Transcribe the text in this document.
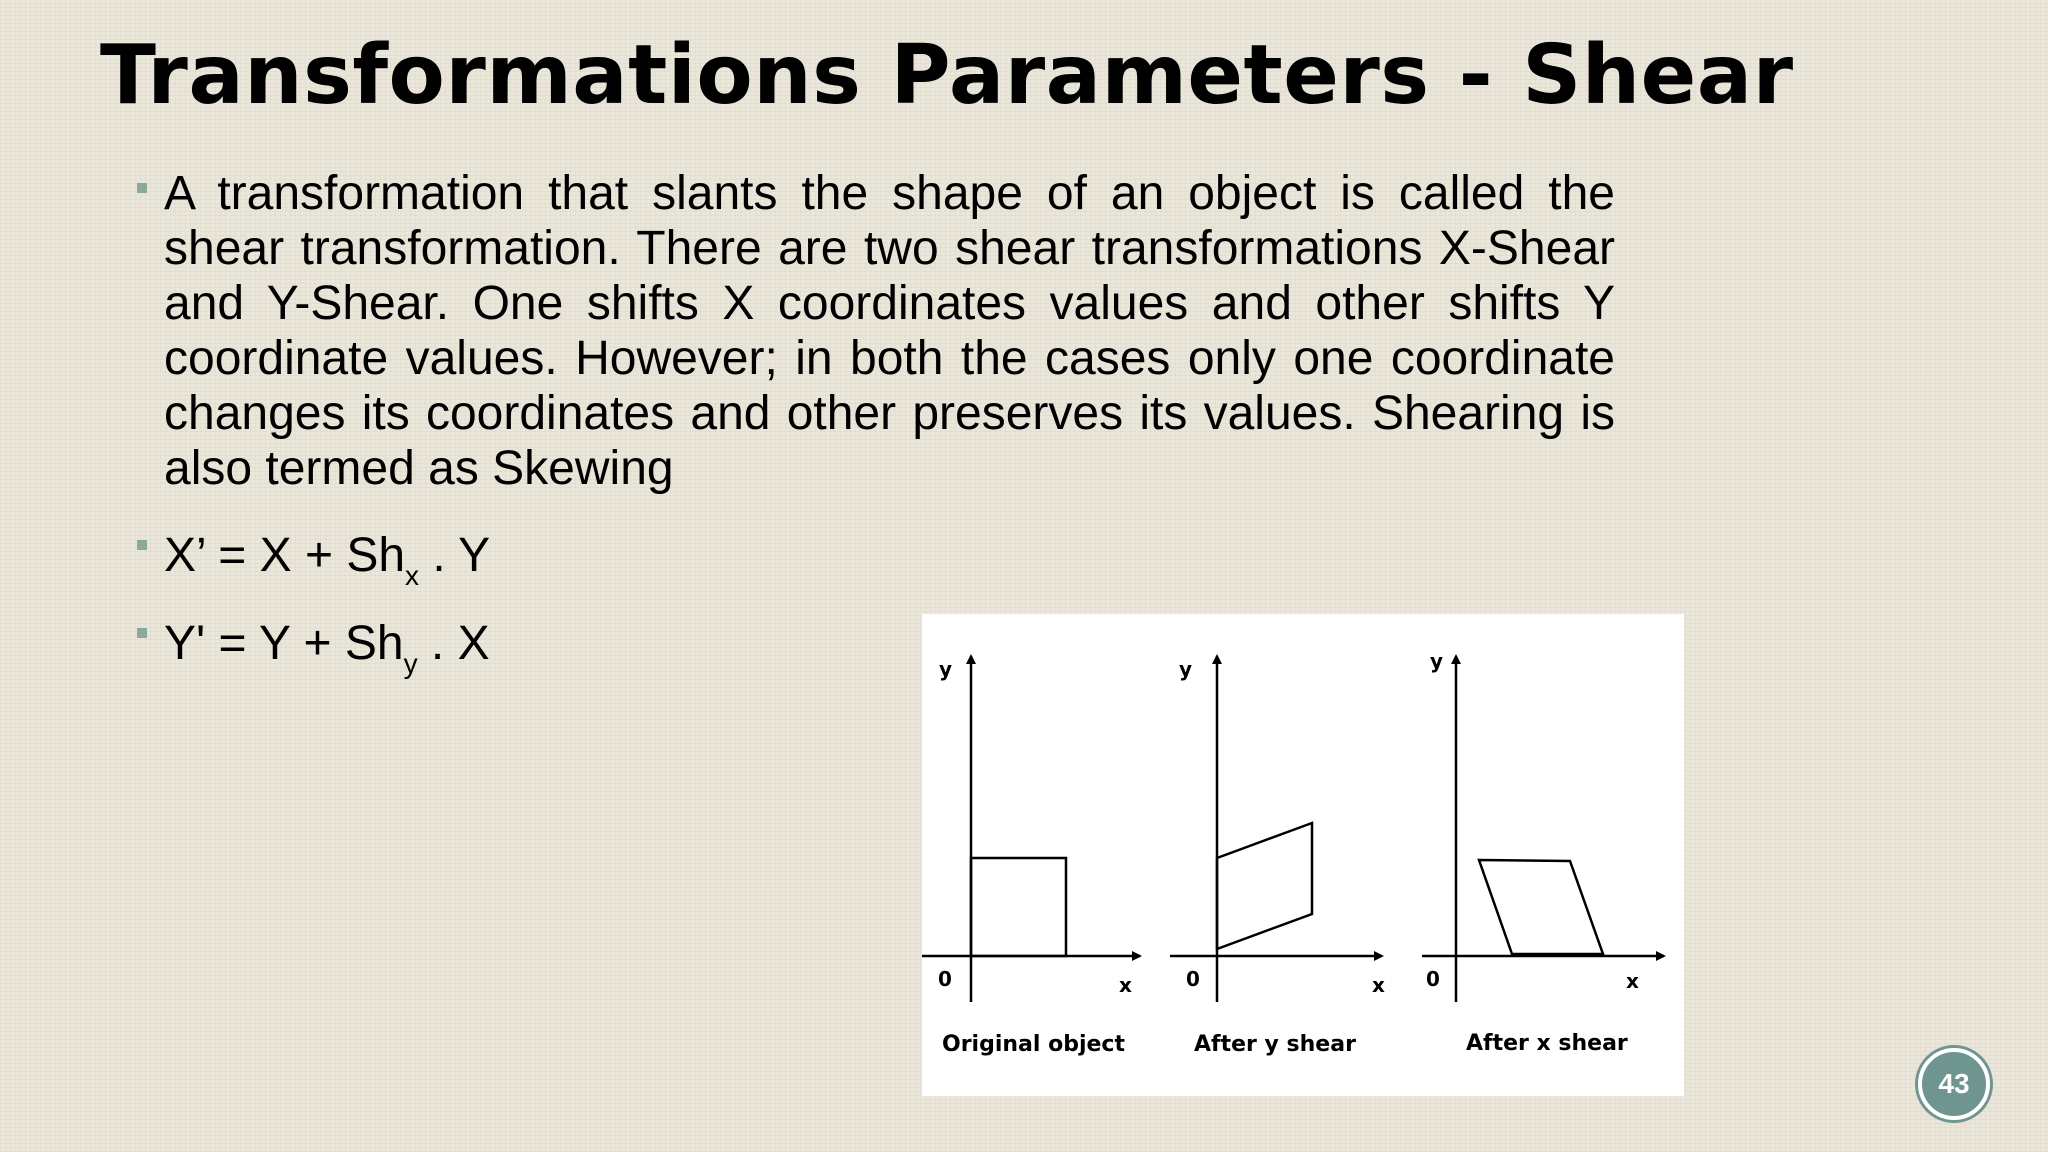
Transformations Parameters - Shear

A transformation that slants the shape of an object is called the shear transformation. There are two shear transformations X-Shear and Y-Shear. One shifts X coordinates values and other shifts Y coordinate values. However; in both the cases only one coordinate changes its coordinates and other preserves its values. Shearing is also termed as Skewing

X’ = $X + Sh_x$ . Y
$Y' = Y + Sh_y$ . X	y
0	x
Original object
y
0	x
After y shear
y
0	x
After x shear
43
